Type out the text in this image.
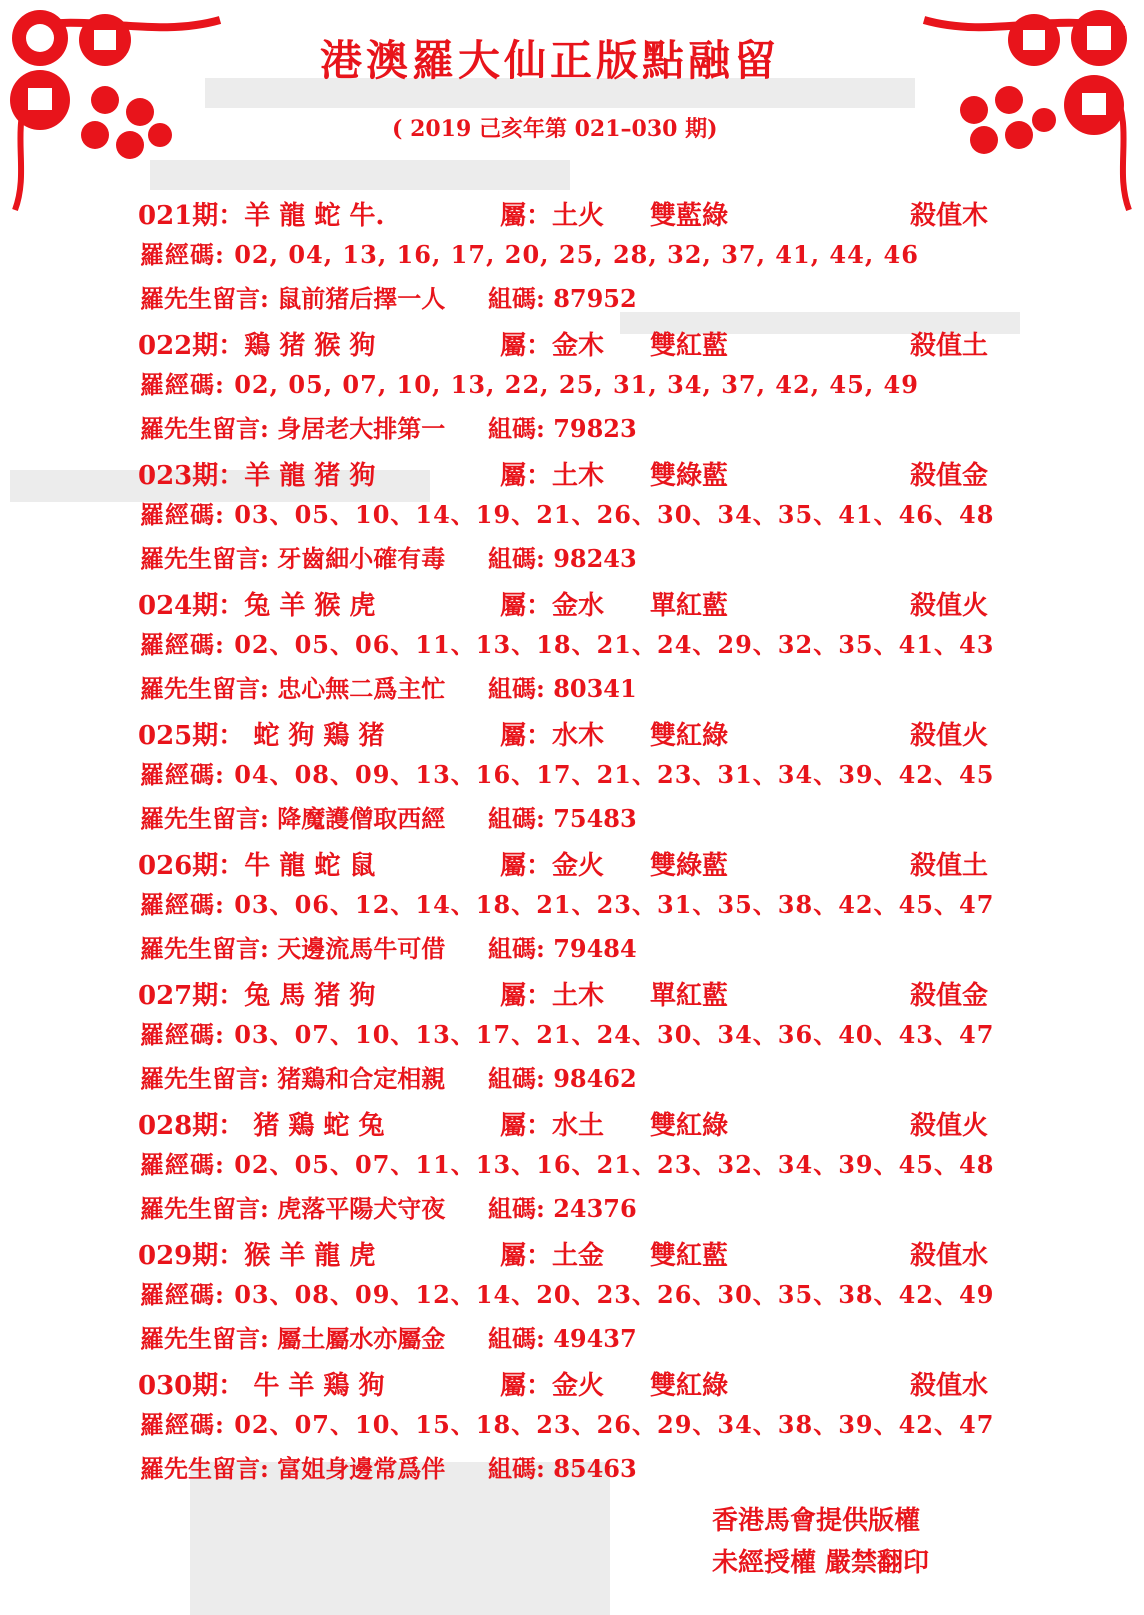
港澳羅大仙正版點融留
( 2019 己亥年第 021–030 期)
021期：羊 龍 蛇 牛.	屬：土火 雙藍綠	殺值木
羅經碼: 02, 04, 13, 16, 17, 20, 25, 28, 32, 37, 41, 44, 46
羅先生留言: 鼠前猪后擇一人 組碼: 87952
022期：鶏 猪 猴 狗	屬：金木 雙紅藍	殺值土
羅經碼: 02, 05, 07, 10, 13, 22, 25, 31, 34, 37, 42, 45, 49
羅先生留言: 身居老大排第一 組碼: 79823
023期：羊 龍 猪 狗	屬：土木 雙綠藍	殺值金
羅經碼: 03、05、10、14、19、21、26、30、34、35、41、46、48
羅先生留言: 牙齒細小確有毒 組碼: 98243
024期：兔 羊 猴 虎	屬：金水 單紅藍	殺值火
羅經碼: 02、05、06、11、13、18、21、24、29、32、35、41、43
羅先生留言: 忠心無二爲主忙 組碼: 80341
025期： 蛇 狗 鶏 猪	屬：水木 雙紅綠	殺值火
羅經碼: 04、08、09、13、16、17、21、23、31、34、39、42、45
羅先生留言: 降魔護僧取西經 組碼: 75483
026期：牛 龍 蛇 鼠	屬：金火 雙綠藍	殺值土
羅經碼: 03、06、12、14、18、21、23、31、35、38、42、45、47
羅先生留言: 天邊流馬牛可借 組碼: 79484
027期：兔 馬 猪 狗	屬：土木 單紅藍	殺值金
羅經碼: 03、07、10、13、17、21、24、30、34、36、40、43、47
羅先生留言: 猪鶏和合定相親 組碼: 98462
028期： 猪 鶏 蛇 兔	屬：水土 雙紅綠	殺值火
羅經碼: 02、05、07、11、13、16、21、23、32、34、39、45、48
羅先生留言: 虎落平陽犬守夜 組碼: 24376
029期：猴 羊 龍 虎	屬：土金 雙紅藍	殺值水
羅經碼: 03、08、09、12、14、20、23、26、30、35、38、42、49
羅先生留言: 屬土屬水亦屬金 組碼: 49437
030期： 牛 羊 鶏 狗	屬：金火 雙紅綠	殺值水
羅經碼: 02、07、10、15、18、23、26、29、34、38、39、42、47
羅先生留言: 富姐身邊常爲伴 組碼: 85463
香港馬會提供版權
未經授權 嚴禁翻印
